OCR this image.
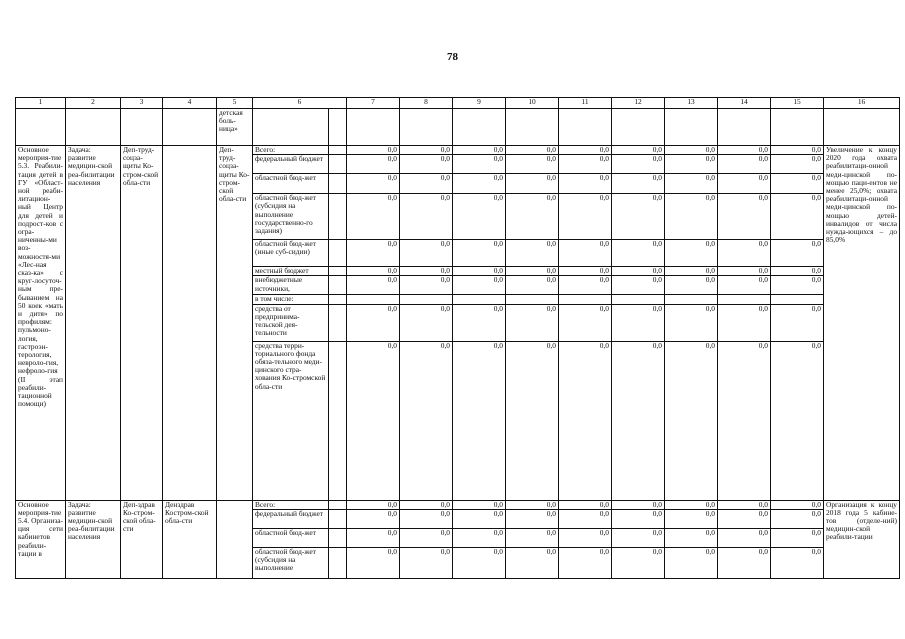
78
1	2	3	4	5	6		7	8	9	10	11	12	13	14	15	16
				детская боль-ница»												
Основное мероприя-тие 5.3. Реабили-тация детей в ГУ «Област-ной реаби-литацион-ный Центр для детей и подрост-ков с огра-ниченны-ми воз-можностя-ми «Лес-ная сказ-ка» с круг-лосуточ-ным пре-быванием на 50 коек «мать и дитя» по профилям: пульмоно-логия, гастроэн-терология, невроло-гия, нефроло-гия (II этап реабили-тационной помощи)	Задача: развитие медицин-ской реа-билитации населения	Деп-труд-соцза-щиты Ко-стром-ской обла-сти		Деп-труд-соцза-щиты Ко-стром-ской обла-сти	Всего:		0,0	0,0	0,0	0,0	0,0	0,0	0,0	0,0	0,0	Увеличение к концу 2020 года охвата реабилитаци-онной меди-цинской по-мощью паци-ентов не менее 25,0%; охвата реабилитаци-онной меди-цинской по-мощью детей-инвалидов от числа нужда-ющихся – до 85,0%
					федеральный бюджет		0,0	0,0	0,0	0,0	0,0	0,0	0,0	0,0	0,0	
					областной бюд-жет		0,0	0,0	0,0	0,0	0,0	0,0	0,0	0,0	0,0	
					областной бюд-жет (субсидия на выполнение государственно-го задания)		0,0	0,0	0,0	0,0	0,0	0,0	0,0	0,0	0,0	
					областной бюд-жет (иные суб-сидии)		0,0	0,0	0,0	0,0	0,0	0,0	0,0	0,0	0,0	
					местный бюджет		0,0	0,0	0,0	0,0	0,0	0,0	0,0	0,0	0,0	
					внебюджетные источники,		0,0	0,0	0,0	0,0	0,0	0,0	0,0	0,0	0,0	
					в том числе:											
					средства от предпринима-тельской дея-тельности		0,0	0,0	0,0	0,0	0,0	0,0	0,0	0,0	0,0	
					средства терри-ториального фонда обяза-тельного меди-цинского стра-хования Ко-стромской обла-сти		0,0	0,0	0,0	0,0	0,0	0,0	0,0	0,0	0,0	
Основное мероприя-тие 5.4. Организа-ция сети кабинетов реабили-тации в	Задача: развитие медицин-ской реа-билитации населения	Деп-здрав Ко-стром-ской обла-сти	Денздрав Костром-ской обла-сти		Всего:		0,0	0,0	0,0	0,0	0,0	0,0	0,0	0,0	0,0	Организация к концу 2018 года 5 кабине-тов (отделе-ний) медицин-ской реабили-тации
					федеральный бюджет		0,0	0,0	0,0	0,0	0,0	0,0	0,0	0,0	0,0	
					областной бюд-жет		0,0	0,0	0,0	0,0	0,0	0,0	0,0	0,0	0,0	
					областной бюд-жет (субсидия на выполнение		0,0	0,0	0,0	0,0	0,0	0,0	0,0	0,0	0,0	
